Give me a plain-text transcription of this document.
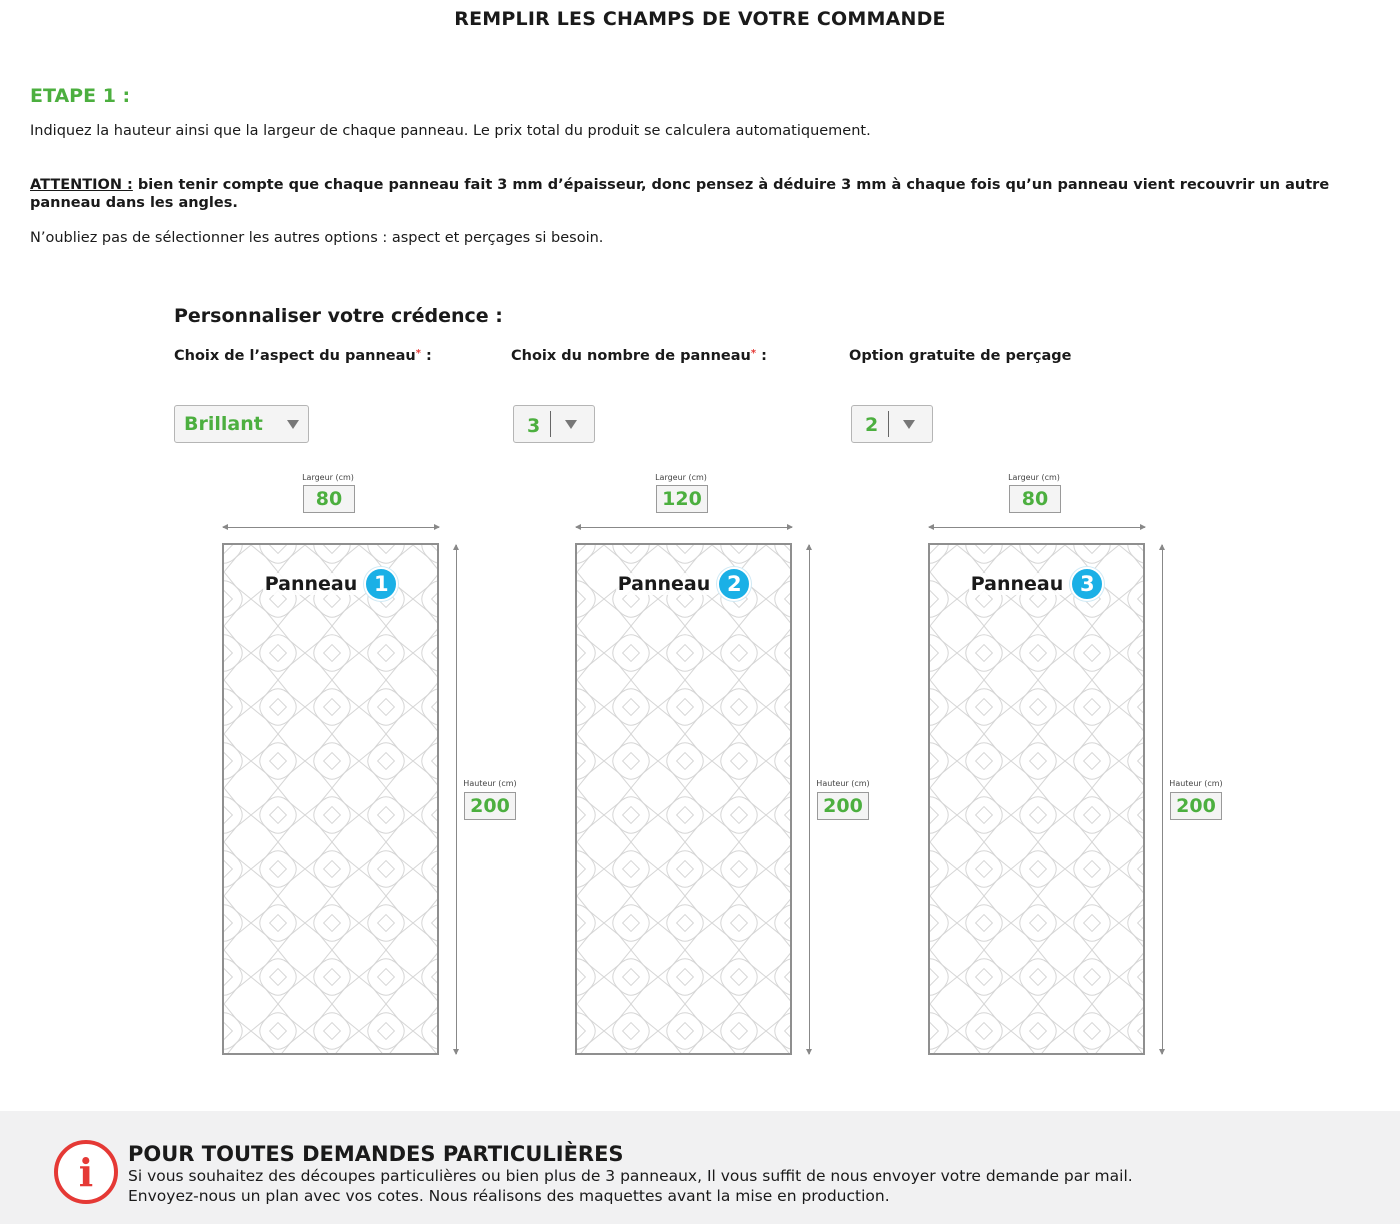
REMPLIR LES CHAMPS DE VOTRE COMMANDE
ETAPE 1 :
Indiquez la hauteur ainsi que la largeur de chaque panneau. Le prix total du produit se calculera automatiquement.
ATTENTION : bien tenir compte que chaque panneau fait 3 mm d’épaisseur, donc pensez à déduire 3 mm à chaque fois qu’un panneau vient recouvrir un autre panneau dans les angles.
N’oubliez pas de sélectionner les autres options : aspect et perçages si besoin.
Personnaliser votre crédence :
Choix de l’aspect du panneau* :	Choix du nombre de panneau* :	Option gratuite de perçage
Brillant	3	2
Largeur (cm)
80
Panneau 1
Hauteur (cm)
200
Largeur (cm)
120
Panneau 2
Hauteur (cm)
200
Largeur (cm)
80
Panneau 3
Hauteur (cm)
200
i	POUR TOUTES DEMANDES PARTICULIÈRES
Si vous souhaitez des découpes particulières ou bien plus de 3 panneaux, Il vous suffit de nous envoyer votre demande par mail.
Envoyez-nous un plan avec vos cotes. Nous réalisons des maquettes avant la mise en production.
